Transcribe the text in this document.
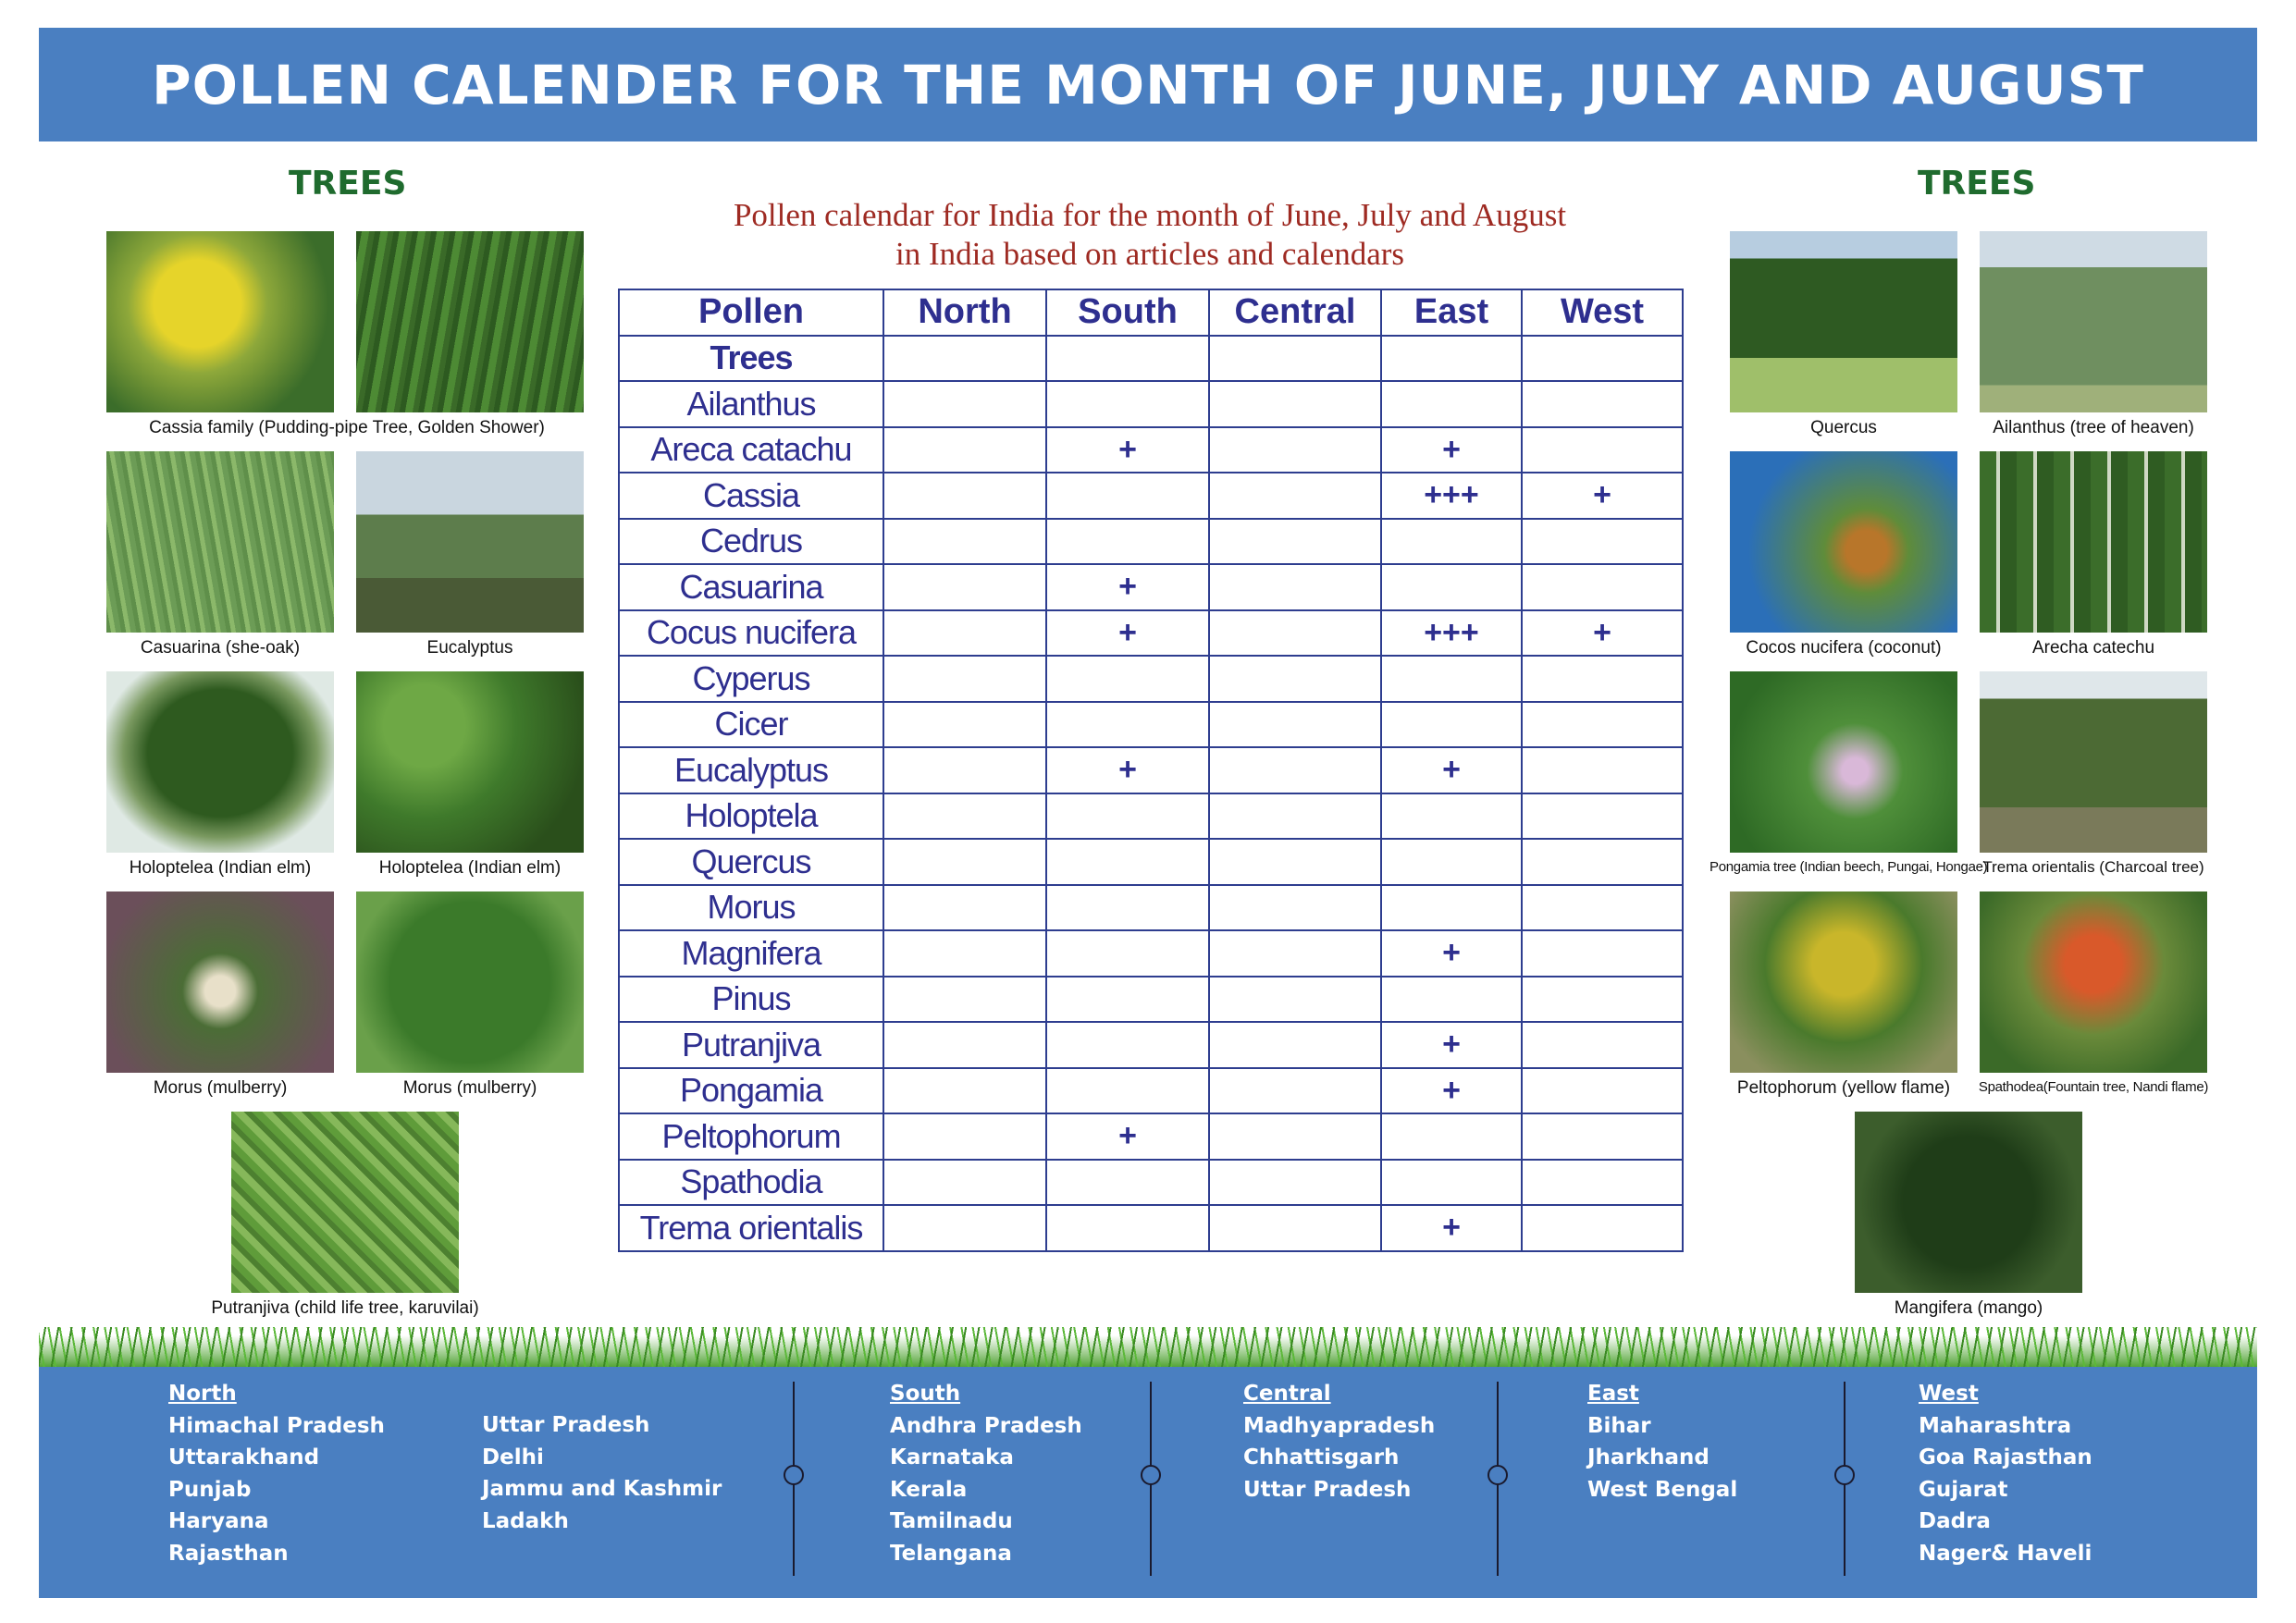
POLLEN CALENDER FOR THE MONTH OF JUNE, JULY AND AUGUST
TREES
Cassia family (Pudding-pipe Tree, Golden Shower)
Casuarina (she-oak)	Eucalyptus
Holoptelea (Indian elm)	Holoptelea (Indian elm)
Morus (mulberry)	Morus (mulberry)
Putranjiva (child life tree, karuvilai)
Pollen calendar for India for the month of June, July and August
in India based on articles and calendars
Pollen	North	South	Central	East	West
Trees					
Ailanthus					
Areca catachu		+		+	
Cassia				+++	+
Cedrus					
Casuarina		+			
Cocus nucifera		+		+++	+
Cyperus					
Cicer					
Eucalyptus		+		+	
Holoptela					
Quercus					
Morus					
Magnifera				+	
Pinus					
Putranjiva				+	
Pongamia				+	
Peltophorum		+			
Spathodia					
Trema orientalis				+	
TREES
Quercus	Ailanthus (tree of heaven)
Cocos nucifera (coconut)	Arecha catechu
Pongamia tree (Indian beech, Pungai, Hongae)
Trema orientalis (Charcoal tree)
Peltophorum (yellow flame)	Spathodea(Fountain tree, Nandi flame)
Mangifera (mango)
North
Himachal Pradesh
Uttarakhand
Punjab
Haryana
Rajasthan
Uttar Pradesh
Delhi
Jammu and Kashmir
Ladakh
South
Andhra Pradesh
Karnataka
Kerala
Tamilnadu
Telangana
Central
Madhyapradesh
Chhattisgarh
Uttar Pradesh
East
Bihar
Jharkhand
West Bengal
West
Maharashtra
Goa Rajasthan
Gujarat
Dadra
Nager& Haveli
